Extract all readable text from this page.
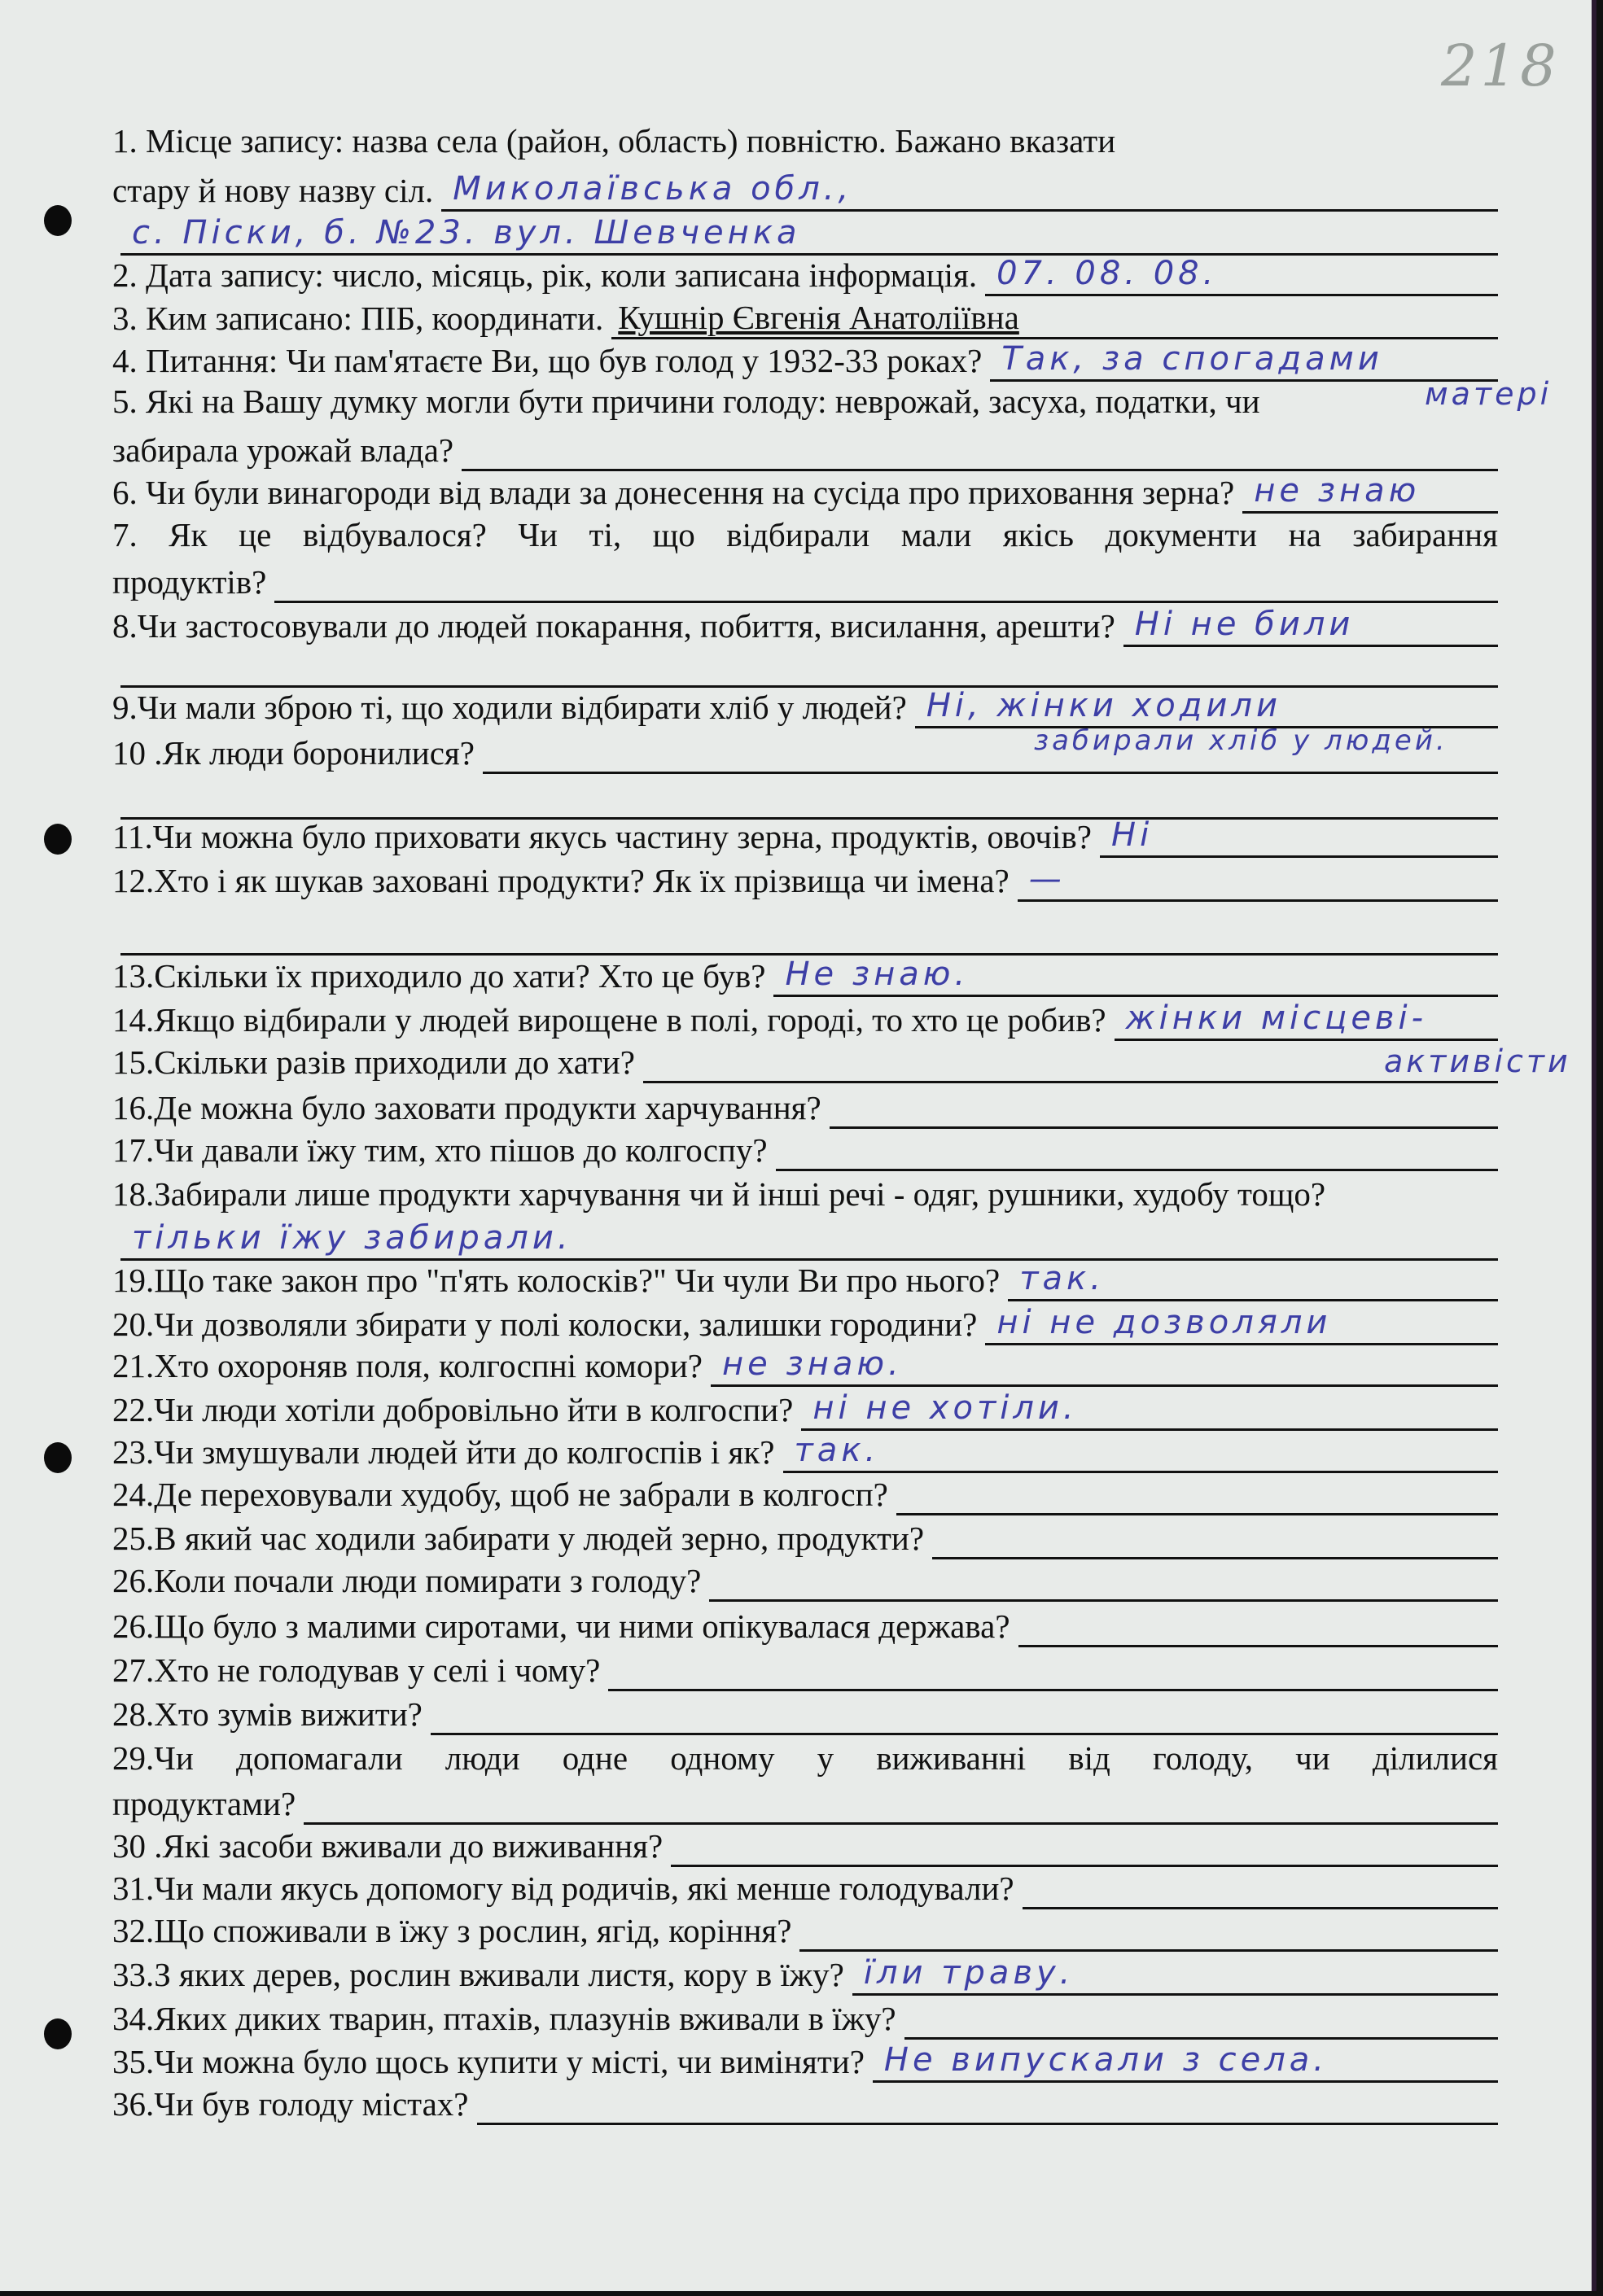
218
1. Місце запису: назва села (район, область) повністю. Бажано вказати
стару й нову назву сіл. Миколаївська обл.,
с. Піски, б. №23. вул. Шевченка
2. Дата запису: число, місяць, рік, коли записана інформація. 07. 08. 08.
3. Ким записано: ПІБ, координати. Кушнір Євгенія Анатоліївна
4. Питання: Чи пам'ятаєте Ви, що був голод у 1932-33 роках? Так, за спогадами
5. Які на Вашу думку могли бути причини голоду: неврожай, засуха, податки, чи
забирала урожай влада?
6. Чи були винагороди від влади за донесення на сусіда про приховання зерна? не знаю
7. Як це відбувалося? Чи ті, що відбирали мали якісь документи на забирання
продуктів?
8.Чи застосовували до людей покарання, побиття, висилання, арешти? Ні не били
9.Чи мали зброю ті, що ходили відбирати хліб у людей? Ні, жінки ходили
10 .Як люди боронилися?
11.Чи можна було приховати якусь частину зерна, продуктів, овочів? Ні
12.Хто і як шукав заховані продукти? Як їх прізвища чи імена? —
13.Скільки їх приходило до хати? Хто це був? Не знаю.
14.Якщо відбирали у людей вирощене в полі, городі, то хто це робив? жінки місцеві-
15.Скільки разів приходили до хати?
16.Де можна було заховати продукти харчування?
17.Чи давали їжу тим, хто пішов до колгоспу?
18.Забирали лише продукти харчування чи й інші речі - одяг, рушники, худобу тощо?
тільки їжу забирали.
19.Що таке закон про "п'ять колосків?" Чи чули Ви про нього? так.
20.Чи дозволяли збирати у полі колоски, залишки городини? ні не дозволяли
21.Хто охороняв поля, колгоспні комори? не знаю.
22.Чи люди хотіли добровільно йти в колгоспи? ні не хотіли.
23.Чи змушували людей йти до колгоспів і як? так.
24.Де переховували худобу, щоб не забрали в колгосп?
25.В який час ходили забирати у людей зерно, продукти?
26.Коли почали люди помирати з голоду?
26.Що було з малими сиротами, чи ними опікувалася держава?
27.Хто не голодував у селі і чому?
28.Хто зумів вижити?
29.Чи допомагали люди одне одному у виживанні від голоду, чи ділилися
продуктами?
30 .Які засоби вживали до виживання?
31.Чи мали якусь допомогу від родичів, які менше голодували?
32.Що споживали в їжу з рослин, ягід, коріння?
33.З яких дерев, рослин вживали листя, кору в їжу? їли траву.
34.Яких диких тварин, птахів, плазунів вживали в їжу?
35.Чи можна було щось купити у місті, чи виміняти? Не випускали з села.
36.Чи був голоду містах?
матері
забирали хліб у людей.
активісти
